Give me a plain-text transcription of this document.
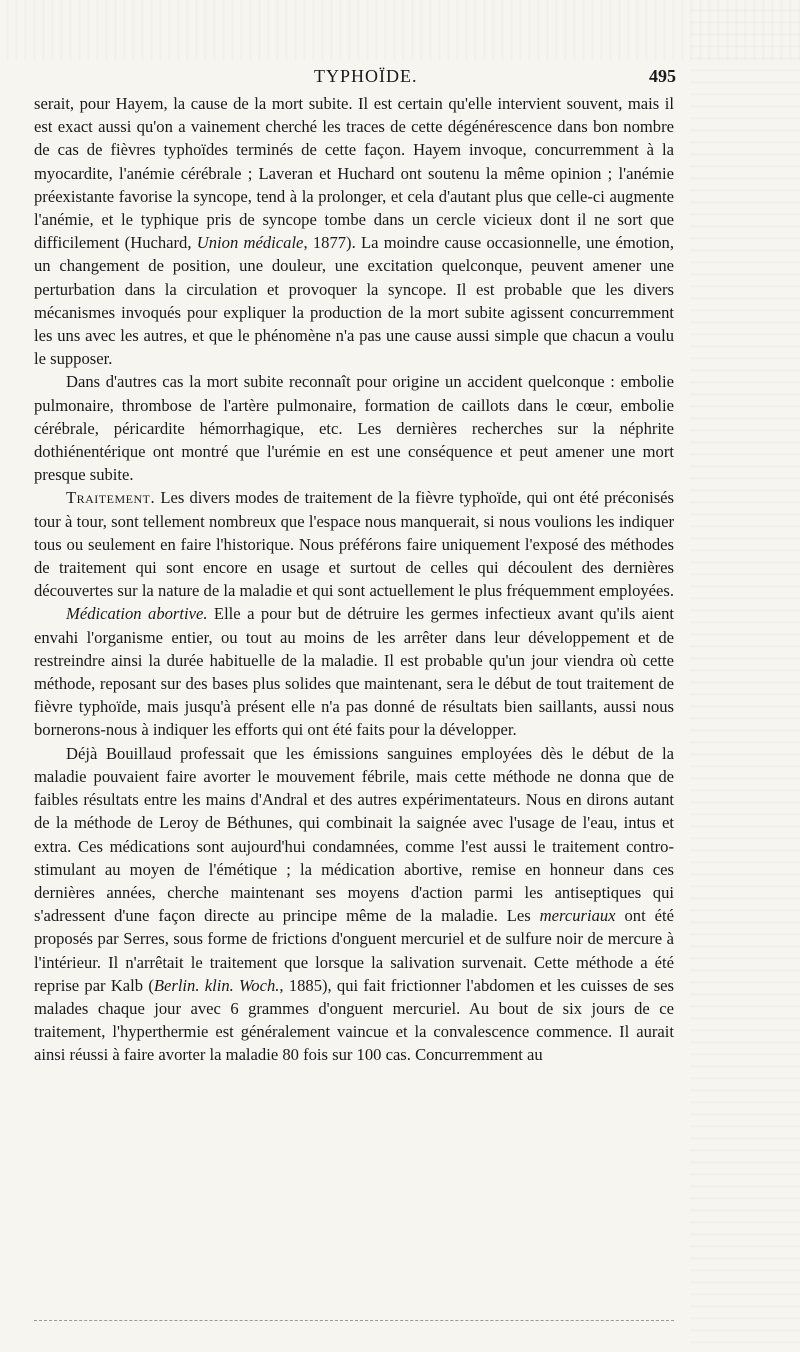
TYPHOÏDE.	495

serait, pour Hayem, la cause de la mort subite. Il est certain qu'elle intervient souvent, mais il est exact aussi qu'on a vainement cherché les traces de cette dégénérescence dans bon nombre de cas de fièvres typhoïdes terminés de cette façon. Hayem invoque, concurremment à la myocardite, l'anémie cérébrale ; Laveran et Huchard ont soutenu la même opinion ; l'anémie préexistante favorise la syncope, tend à la prolonger, et cela d'autant plus que celle-ci augmente l'anémie, et le typhique pris de syncope tombe dans un cercle vicieux dont il ne sort que difficilement (Huchard, Union médicale, 1877). La moindre cause occasionnelle, une émotion, un changement de position, une douleur, une excitation quelconque, peuvent amener une perturbation dans la circulation et provoquer la syncope. Il est probable que les divers mécanismes invoqués pour expliquer la production de la mort subite agissent concurremment les uns avec les autres, et que le phénomène n'a pas une cause aussi simple que chacun a voulu le supposer.

Dans d'autres cas la mort subite reconnaît pour origine un accident quelconque : embolie pulmonaire, thrombose de l'artère pulmonaire, formation de caillots dans le cœur, embolie cérébrale, péricardite hémorrhagique, etc. Les dernières recherches sur la néphrite dothiénentérique ont montré que l'urémie en est une conséquence et peut amener une mort presque subite.

Traitement. Les divers modes de traitement de la fièvre typhoïde, qui ont été préconisés tour à tour, sont tellement nombreux que l'espace nous manquerait, si nous voulions les indiquer tous ou seulement en faire l'historique. Nous préférons faire uniquement l'exposé des méthodes de traitement qui sont encore en usage et surtout de celles qui découlent des dernières découvertes sur la nature de la maladie et qui sont actuellement le plus fréquemment employées.

Médication abortive. Elle a pour but de détruire les germes infectieux avant qu'ils aient envahi l'organisme entier, ou tout au moins de les arrêter dans leur développement et de restreindre ainsi la durée habituelle de la maladie. Il est probable qu'un jour viendra où cette méthode, reposant sur des bases plus solides que maintenant, sera le début de tout traitement de fièvre typhoïde, mais jusqu'à présent elle n'a pas donné de résultats bien saillants, aussi nous bornerons-nous à indiquer les efforts qui ont été faits pour la développer.

Déjà Bouillaud professait que les émissions sanguines employées dès le début de la maladie pouvaient faire avorter le mouvement fébrile, mais cette méthode ne donna que de faibles résultats entre les mains d'Andral et des autres expérimentateurs. Nous en dirons autant de la méthode de Leroy de Béthunes, qui combinait la saignée avec l'usage de l'eau, intus et extra. Ces médications sont aujourd'hui condamnées, comme l'est aussi le traitement contro-stimulant au moyen de l'émétique ; la médication abortive, remise en honneur dans ces dernières années, cherche maintenant ses moyens d'action parmi les antiseptiques qui s'adressent d'une façon directe au principe même de la maladie. Les mercuriaux ont été proposés par Serres, sous forme de frictions d'onguent mercuriel et de sulfure noir de mercure à l'intérieur. Il n'arrêtait le traitement que lorsque la salivation survenait. Cette méthode a été reprise par Kalb (Berlin. klin. Woch., 1885), qui fait frictionner l'abdomen et les cuisses de ses malades chaque jour avec 6 grammes d'onguent mercuriel. Au bout de six jours de ce traitement, l'hyperthermie est généralement vaincue et la convalescence commence. Il aurait ainsi réussi à faire avorter la maladie 80 fois sur 100 cas. Concurremment au
